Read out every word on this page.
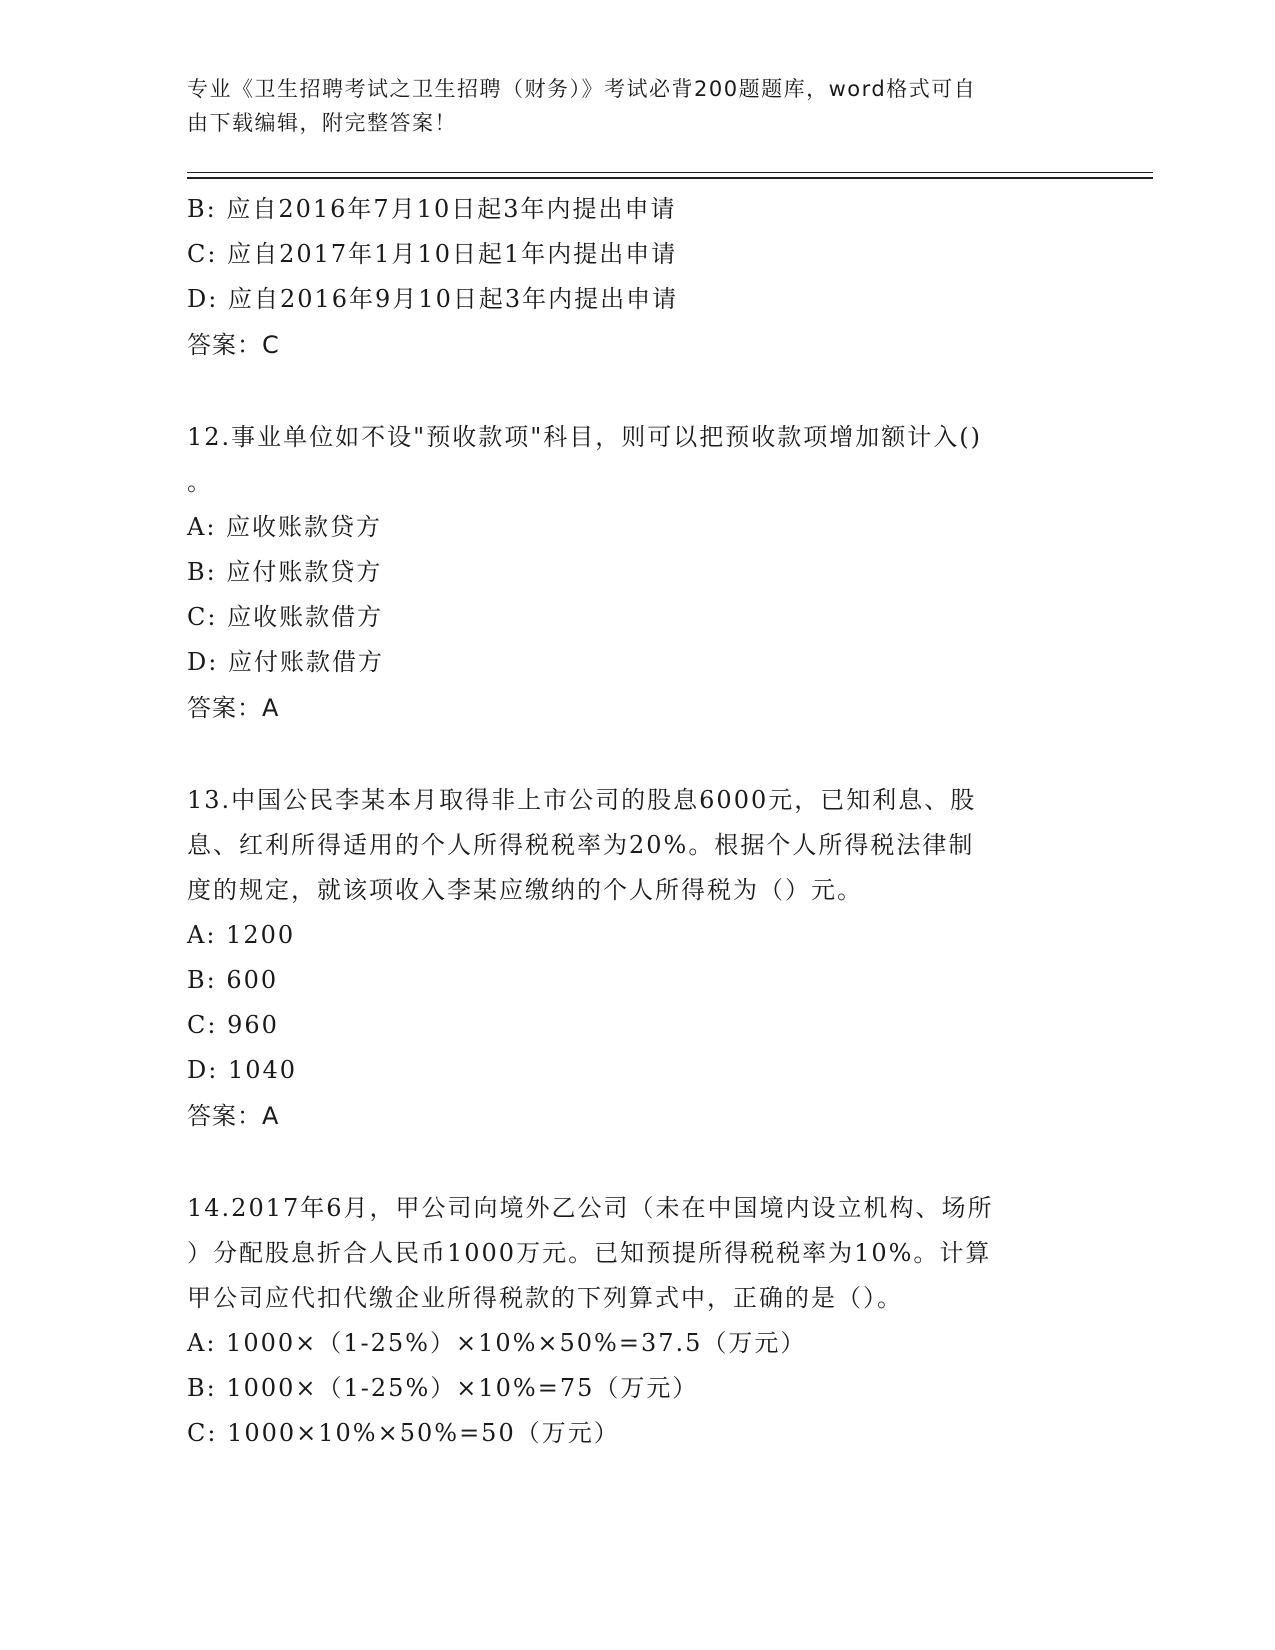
专业《卫生招聘考试之卫生招聘（财务）》考试必背200题题库，word格式可自
由下载编辑，附完整答案！
B: 应自2016年7月10日起3年内提出申请
C: 应自2017年1月10日起1年内提出申请
D: 应自2016年9月10日起3年内提出申请
答案：C
12.事业单位如不设"预收款项"科目，则可以把预收款项增加额计入()
。
A: 应收账款贷方
B: 应付账款贷方
C: 应收账款借方
D: 应付账款借方
答案：A
13.中国公民李某本月取得非上市公司的股息6000元，已知利息、股
息、红利所得适用的个人所得税税率为20%。根据个人所得税法律制
度的规定，就该项收入李某应缴纳的个人所得税为（）元。
A: 1200
B: 600
C: 960
D: 1040
答案：A
14.2017年6月，甲公司向境外乙公司（未在中国境内设立机构、场所
）分配股息折合人民币1000万元。已知预提所得税税率为10%。计算
甲公司应代扣代缴企业所得税款的下列算式中，正确的是（）。
A: 1000×（1-25%）×10%×50%=37.5（万元）
B: 1000×（1-25%）×10%=75（万元）
C: 1000×10%×50%=50（万元）
